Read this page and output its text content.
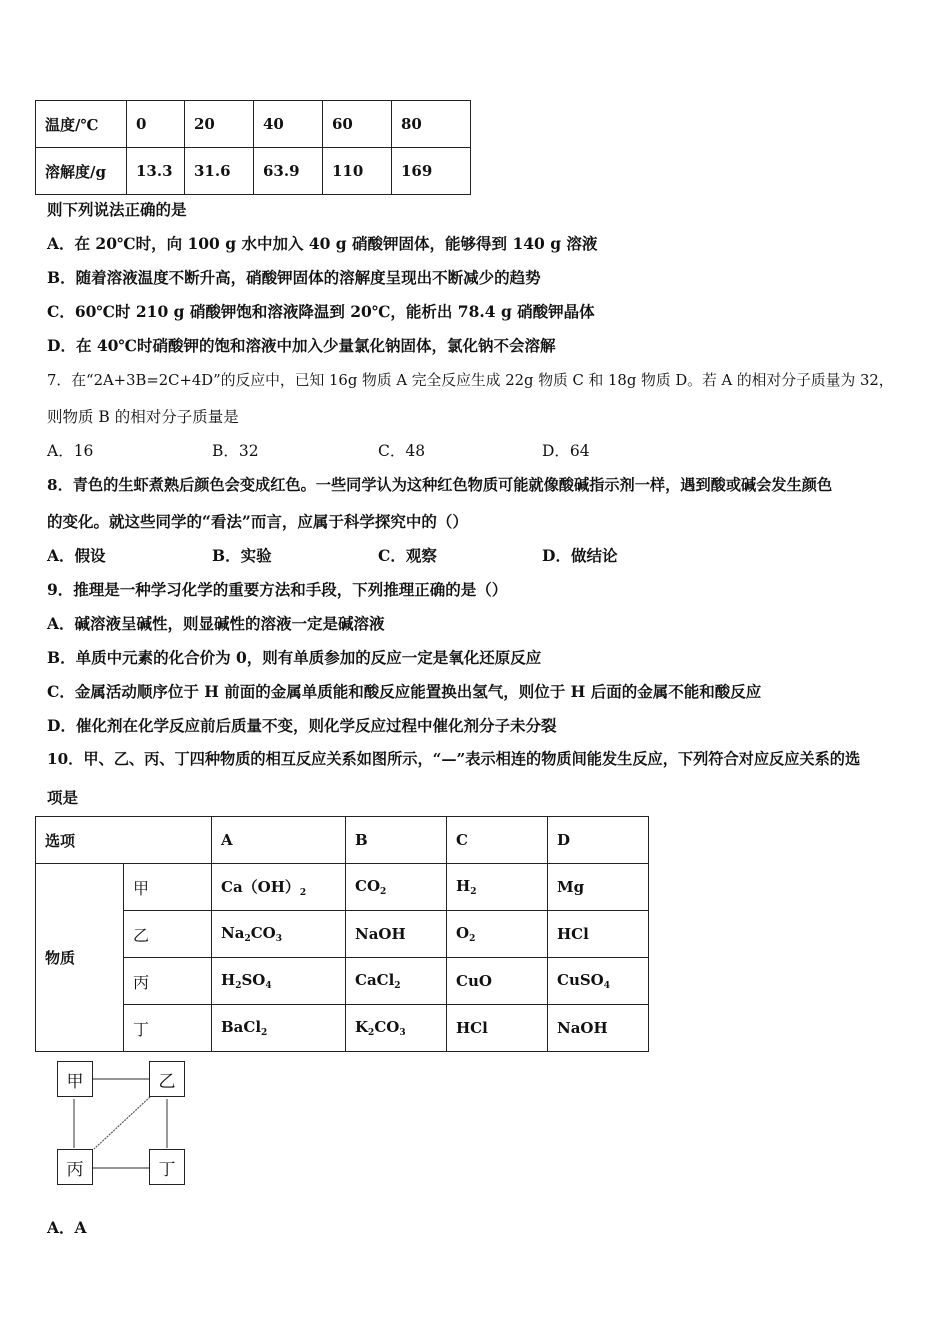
温度/℃	0	20	40	60	80
溶解度/g	13.3	31.6	63.9	110	169
则下列说法正确的是
A．在 20℃时，向 100 g 水中加入 40 g 硝酸钾固体，能够得到 140 g 溶液
B．随着溶液温度不断升高，硝酸钾固体的溶解度呈现出不断减少的趋势
C．60℃时 210 g 硝酸钾饱和溶液降温到 20℃，能析出 78.4 g 硝酸钾晶体
D．在 40℃时硝酸钾的饱和溶液中加入少量氯化钠固体，氯化钠不会溶解
7．在“2A+3B=2C+4D”的反应中，已知 16g 物质 A 完全反应生成 22g 物质 C 和 18g 物质 D。若 A 的相对分子质量为 32，
则物质 B 的相对分子质量是
A．16	B．32	C．48	D．64
8．青色的生虾煮熟后颜色会变成红色。一些同学认为这种红色物质可能就像酸碱指示剂一样，遇到酸或碱会发生颜色
的变化。就这些同学的“看法”而言，应属于科学探究中的（）
A．假设	B．实验	C．观察	D．做结论
9．推理是一种学习化学的重要方法和手段，下列推理正确的是（）
A．碱溶液呈碱性，则显碱性的溶液一定是碱溶液
B．单质中元素的化合价为 0，则有单质参加的反应一定是氧化还原反应
C．金属活动顺序位于 H 前面的金属单质能和酸反应能置换出氢气，则位于 H 后面的金属不能和酸反应
D．催化剂在化学反应前后质量不变，则化学反应过程中催化剂分子未分裂
10．甲、乙、丙、丁四种物质的相互反应关系如图所示，“—”表示相连的物质间能发生反应，下列符合对应反应关系的选
项是
选项		A	B	C	D
物质	甲	$Ca(OH)_2$	$CO_2$	$H_2$	Mg
	乙	$Na_2CO_3$	NaOH	$O_2$	HCl
	丙	$H_2SO_4$	CaCl$_2$	CuO	CuSO$_4$
	丁	BaCl$_2$	$K_2CO_3$	HCl	NaOH
甲	乙
丙	丁
A．A
